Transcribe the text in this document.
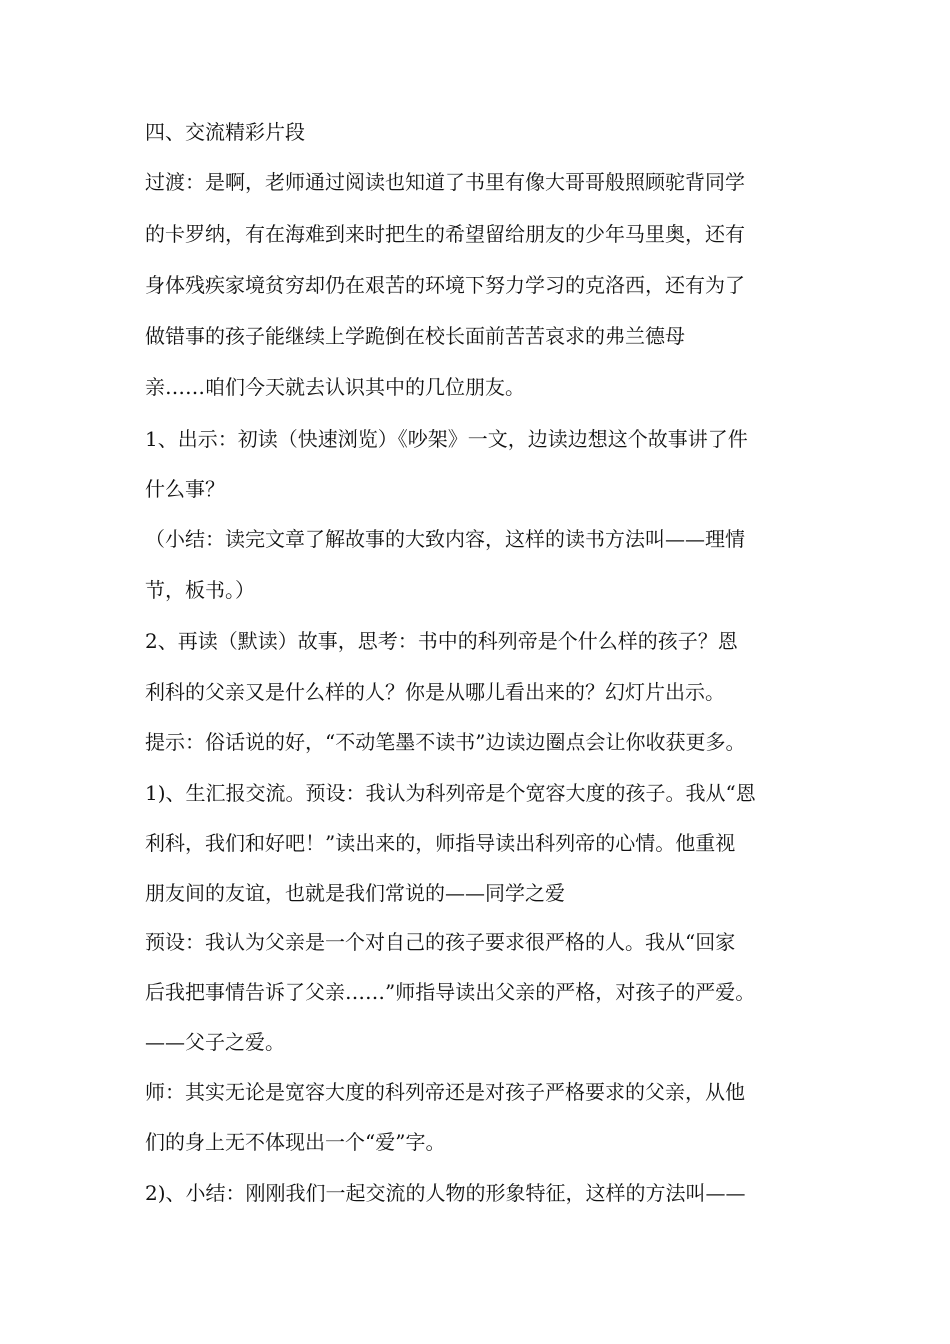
四、交流精彩片段

过渡：是啊，老师通过阅读也知道了书里有像大哥哥般照顾驼背同学

的卡罗纳，有在海难到来时把生的希望留给朋友的少年马里奥，还有

身体残疾家境贫穷却仍在艰苦的环境下努力学习的克洛西，还有为了

做错事的孩子能继续上学跪倒在校长面前苦苦哀求的弗兰德母

亲……咱们今天就去认识其中的几位朋友。

1、出示：初读（快速浏览）《吵架》一文，边读边想这个故事讲了件

什么事？

（小结：读完文章了解故事的大致内容，这样的读书方法叫——理情

节，板书。）

2、再读（默读）故事，思考：书中的科列帝是个什么样的孩子？恩

利科的父亲又是什么样的人？你是从哪儿看出来的？幻灯片出示。

提示：俗话说的好，“不动笔墨不读书”边读边圈点会让你收获更多。

1)、生汇报交流。预设：我认为科列帝是个宽容大度的孩子。我从“恩

利科，我们和好吧！”读出来的，师指导读出科列帝的心情。他重视

朋友间的友谊，也就是我们常说的——同学之爱

预设：我认为父亲是一个对自己的孩子要求很严格的人。我从“回家

后我把事情告诉了父亲……”师指导读出父亲的严格，对孩子的严爱。

——父子之爱。

师：其实无论是宽容大度的科列帝还是对孩子严格要求的父亲，从他

们的身上无不体现出一个“爱”字。

2)、小结：刚刚我们一起交流的人物的形象特征，这样的方法叫——
